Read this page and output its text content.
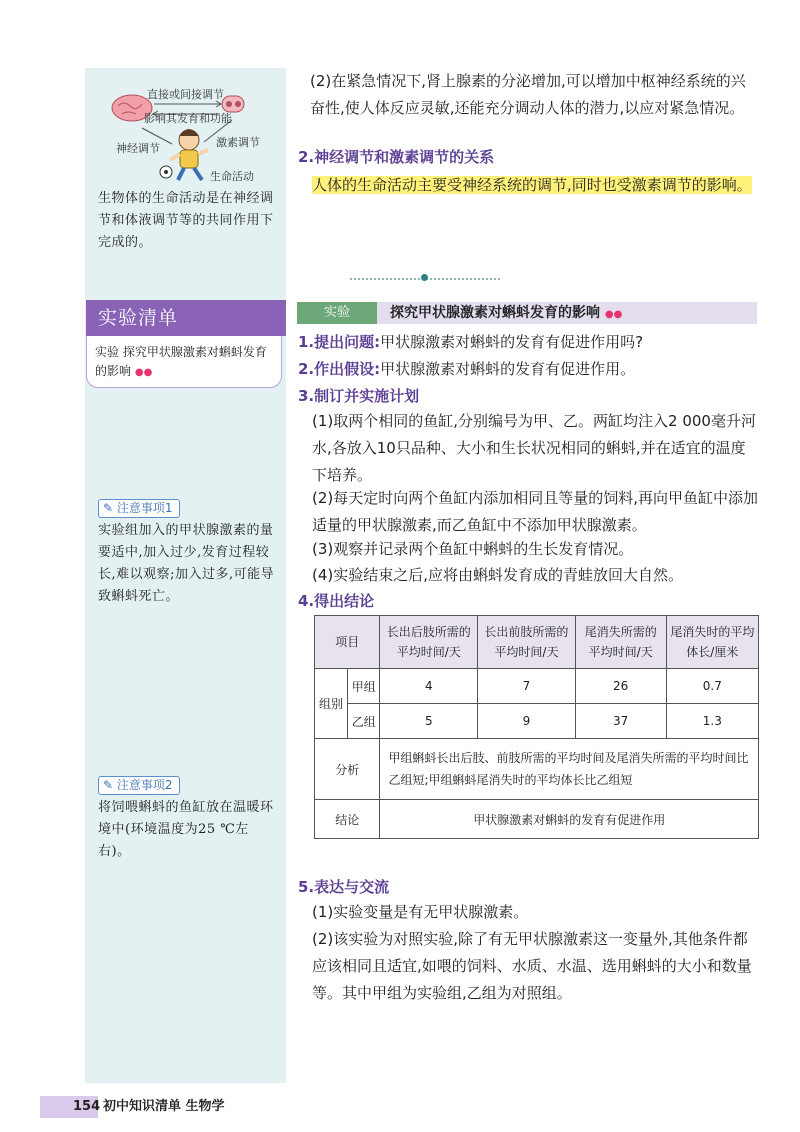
直接或间接调节
影响其发育和功能
神经调节	激素调节
生命活动

生物体的生命活动是在神经调节和体液调节等的共同作用下完成的。

实验清单
实验 探究甲状腺激素对蝌蚪发育的影响 ●●
✎ 注意事项1

实验组加入的甲状腺激素的量要适中,加入过少,发育过程较长,难以观察;加入过多,可能导致蝌蚪死亡。

✎ 注意事项2

将饲喂蝌蚪的鱼缸放在温暖环境中(环境温度为25 ℃左右)。

(2)在紧急情况下,肾上腺素的分泌增加,可以增加中枢神经系统的兴奋性,使人体反应灵敏,还能充分调动人体的潜力,以应对紧急情况。

2.神经调节和激素调节的关系

人体的生命活动主要受神经系统的调节,同时也受激素调节的影响。

实验	探究甲状腺激素对蝌蚪发育的影响 ●●
1.提出问题:甲状腺激素对蝌蚪的发育有促进作用吗?
2.作出假设:甲状腺激素对蝌蚪的发育有促进作用。
3.制订并实施计划

(1)取两个相同的鱼缸,分别编号为甲、乙。两缸均注入2 000毫升河水,各放入10只品种、大小和生长状况相同的蝌蚪,并在适宜的温度下培养。

(2)每天定时向两个鱼缸内添加相同且等量的饲料,再向甲鱼缸中添加适量的甲状腺激素,而乙鱼缸中不添加甲状腺激素。

(3)观察并记录两个鱼缸中蝌蚪的生长发育情况。

(4)实验结束之后,应将由蝌蚪发育成的青蛙放回大自然。

4.得出结论
项目		长出后肢所需的平均时间/天	长出前肢所需的平均时间/天	尾消失所需的平均时间/天	尾消失时的平均体长/厘米
组别	甲组	4	7	26	0.7
	乙组	5	9	37	1.3
分析		甲组蝌蚪长出后肢、前肢所需的平均时间及尾消失所需的平均时间比乙组短;甲组蝌蚪尾消失时的平均体长比乙组短			
结论		甲状腺激素对蝌蚪的发育有促进作用			
5.表达与交流

(1)实验变量是有无甲状腺激素。

(2)该实验为对照实验,除了有无甲状腺激素这一变量外,其他条件都应该相同且适宜,如喂的饲料、水质、水温、选用蝌蚪的大小和数量等。其中甲组为实验组,乙组为对照组。

154 初中知识清单 生物学
